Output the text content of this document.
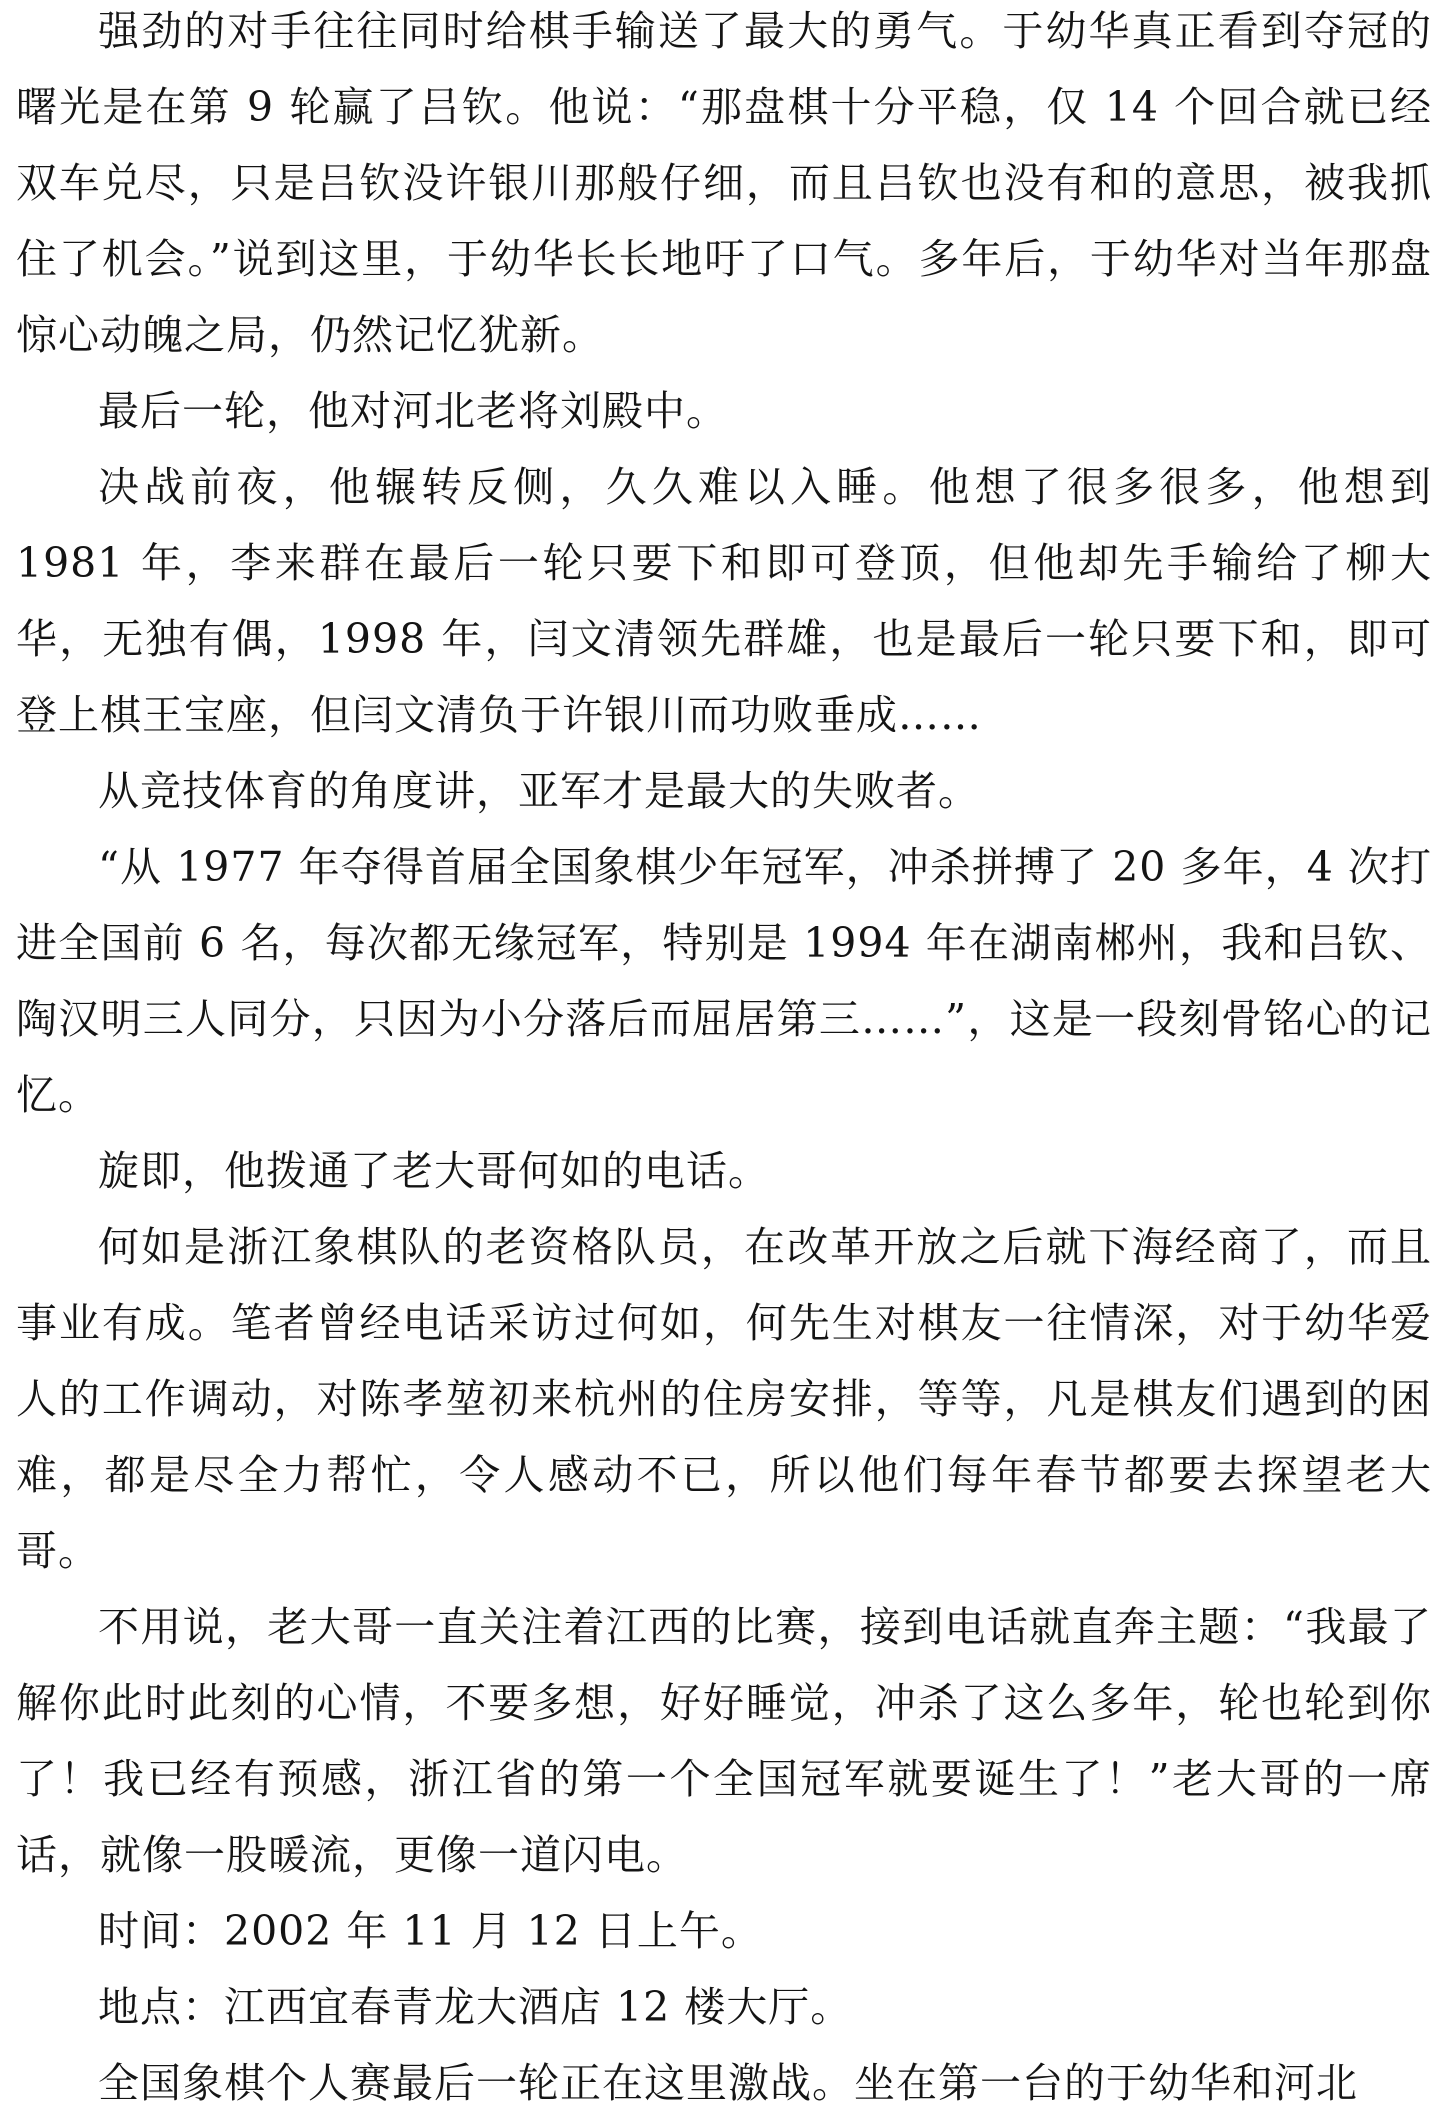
强劲的对手往往同时给棋手输送了最大的勇气。于幼华真正看到夺冠的曙光是在第 9 轮赢了吕钦。他说：“那盘棋十分平稳，仅 14 个回合就已经双车兑尽，只是吕钦没许银川那般仔细，而且吕钦也没有和的意思，被我抓住了机会。”说到这里，于幼华长长地吁了口气。多年后，于幼华对当年那盘惊心动魄之局，仍然记忆犹新。

最后一轮，他对河北老将刘殿中。

决战前夜，他辗转反侧，久久难以入睡。他想了很多很多，他想到 1981 年，李来群在最后一轮只要下和即可登顶，但他却先手输给了柳大华，无独有偶，1998 年，闫文清领先群雄，也是最后一轮只要下和，即可登上棋王宝座，但闫文清负于许银川而功败垂成……

从竞技体育的角度讲，亚军才是最大的失败者。

“从 1977 年夺得首届全国象棋少年冠军，冲杀拼搏了 20 多年，4 次打进全国前 6 名，每次都无缘冠军，特别是 1994 年在湖南郴州，我和吕钦、陶汉明三人同分，只因为小分落后而屈居第三……”，这是一段刻骨铭心的记忆。

旋即，他拨通了老大哥何如的电话。

何如是浙江象棋队的老资格队员，在改革开放之后就下海经商了，而且事业有成。笔者曾经电话采访过何如，何先生对棋友一往情深，对于幼华爱人的工作调动，对陈孝堃初来杭州的住房安排，等等，凡是棋友们遇到的困难，都是尽全力帮忙，令人感动不已，所以他们每年春节都要去探望老大哥。

不用说，老大哥一直关注着江西的比赛，接到电话就直奔主题：“我最了解你此时此刻的心情，不要多想，好好睡觉，冲杀了这么多年，轮也轮到你了！我已经有预感，浙江省的第一个全国冠军就要诞生了！”老大哥的一席话，就像一股暖流，更像一道闪电。

时间：2002 年 11 月 12 日上午。

地点：江西宜春青龙大酒店 12 楼大厅。

全国象棋个人赛最后一轮正在这里激战。坐在第一台的于幼华和河北
